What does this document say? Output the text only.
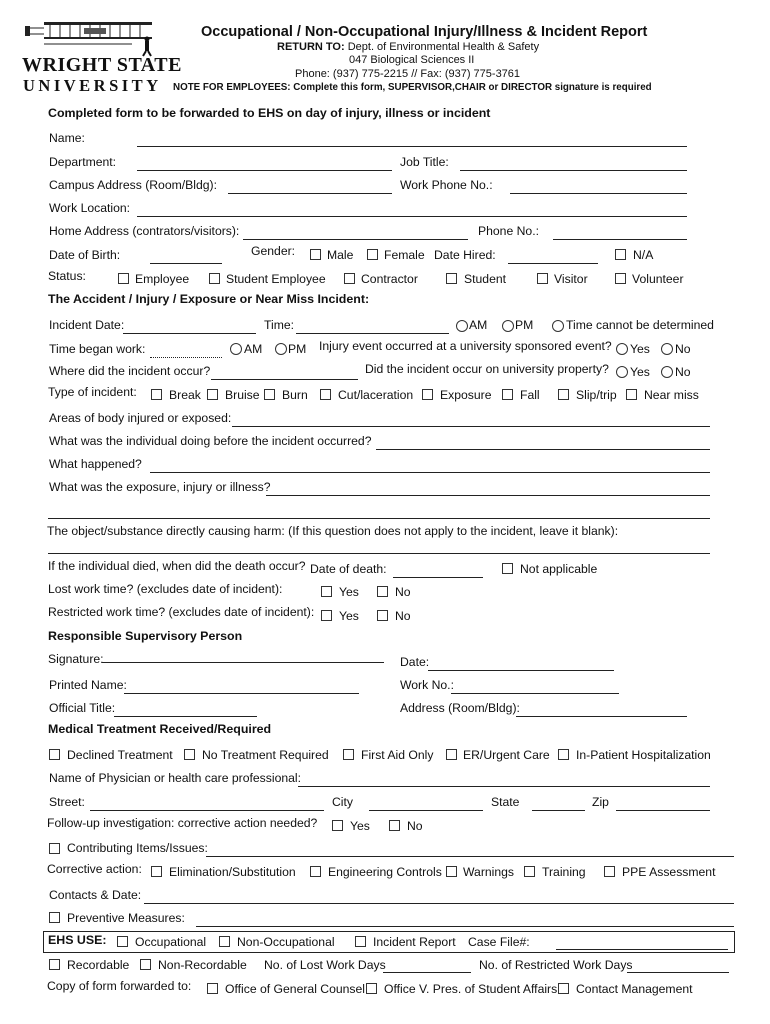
WRIGHT STATE
UNIVERSITY
Occupational / Non-Occupational Injury/Illness & Incident Report
RETURN TO: Dept. of Environmental Health & Safety
047 Biological Sciences II
Phone: (937) 775-2215 // Fax: (937) 775-3761
NOTE FOR EMPLOYEES: Complete this form, SUPERVISOR,CHAIR or DIRECTOR signature is required
Completed form to be forwarded to EHS on day of injury, illness or incident
Name:
Department:	Job Title:
Campus Address (Room/Bldg):	Work Phone No.:
Work Location:
Home Address (contrators/visitors):	Phone No.:
Date of Birth:	Gender:	Male	Female Date Hired:	N/A
Status:	Employee	Student Employee	Contractor	Student	Visitor	Volunteer
The Accident / Injury / Exposure or Near Miss Incident:
Incident Date:	Time:	AM PM	Time cannot be determined
Time began work:	AM PM Injury event occurred at a university sponsored event? Yes No
Where did the incident occur?	Did the incident occur on university property? Yes No
Type of incident:	Break Bruise Burn Cut/laceration Exposure Fall	Slip/trip Near miss
Areas of body injured or exposed:
What was the individual doing before the incident occurred?
What happened?
What was the exposure, injury or illness?
The object/substance directly causing harm: (If this question does not apply to the incident, leave it blank):
If the individual died, when did the death occur? Date of death:	Not applicable
Lost work time? (excludes date of incident):	Yes	No
Restricted work time? (excludes date of incident): Yes	No
Responsible Supervisory Person
Signature:	Date:
Printed Name:	Work No.:
Official Title:	Address (Room/Bldg):
Medical Treatment Received/Required
Declined Treatment No Treatment Required	First Aid Only ER/Urgent Care In-Patient Hospitalization
Name of Physician or health care professional:
Street:	City	State	Zip
Follow-up investigation: corrective action needed?	Yes	No
Contributing Items/Issues:
Corrective action: Elimination/Substitution	Engineering Controls Warnings Training	PPE Assessment
Contacts & Date:
Preventive Measures:
EHS USE: Occupational	Non-Occupational	Incident Report Case File#:
Recordable Non-Recordable No. of Lost Work Days	No. of Restricted Work Days
Copy of form forwarded to:	Office of General Counsel Office V. Pres. of Student Affairs Contact Management
